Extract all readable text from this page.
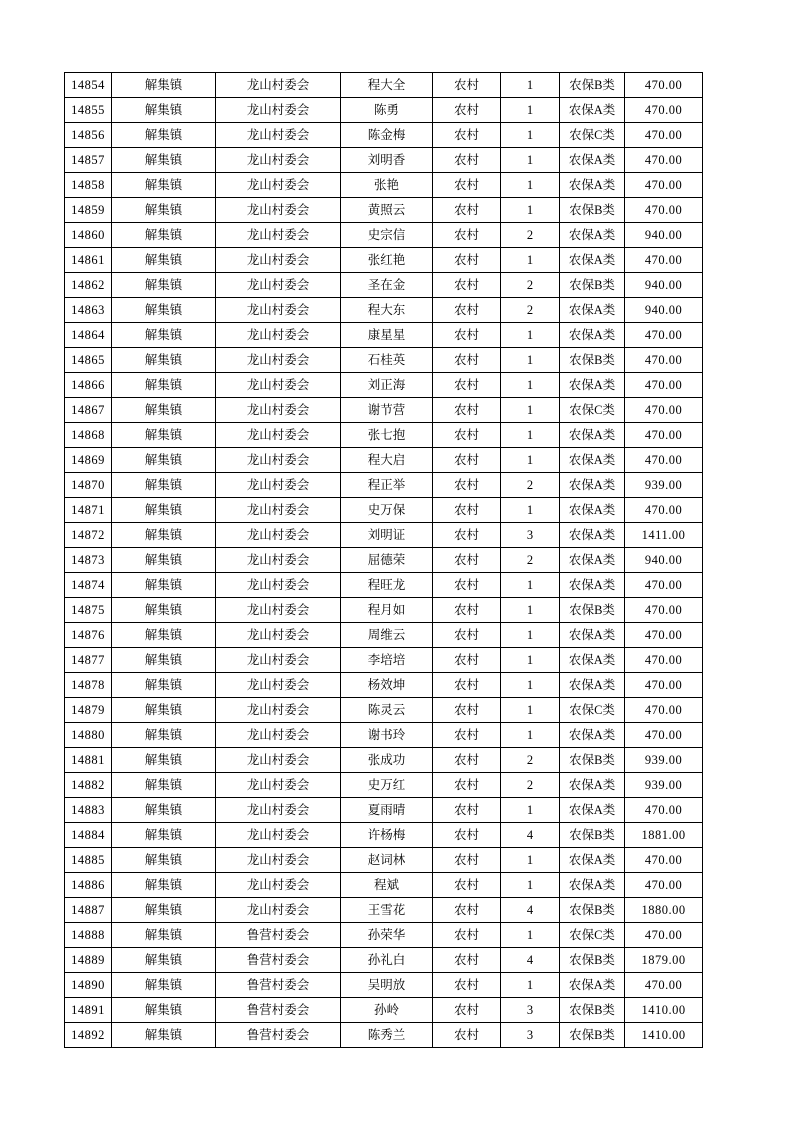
14854	解集镇	龙山村委会	程大全	农村	1	农保B类	470.00
14855	解集镇	龙山村委会	陈勇	农村	1	农保A类	470.00
14856	解集镇	龙山村委会	陈金梅	农村	1	农保C类	470.00
14857	解集镇	龙山村委会	刘明香	农村	1	农保A类	470.00
14858	解集镇	龙山村委会	张艳	农村	1	农保A类	470.00
14859	解集镇	龙山村委会	黄照云	农村	1	农保B类	470.00
14860	解集镇	龙山村委会	史宗信	农村	2	农保A类	940.00
14861	解集镇	龙山村委会	张红艳	农村	1	农保A类	470.00
14862	解集镇	龙山村委会	圣在金	农村	2	农保B类	940.00
14863	解集镇	龙山村委会	程大东	农村	2	农保A类	940.00
14864	解集镇	龙山村委会	康星星	农村	1	农保A类	470.00
14865	解集镇	龙山村委会	石桂英	农村	1	农保B类	470.00
14866	解集镇	龙山村委会	刘正海	农村	1	农保A类	470.00
14867	解集镇	龙山村委会	谢节营	农村	1	农保C类	470.00
14868	解集镇	龙山村委会	张七抱	农村	1	农保A类	470.00
14869	解集镇	龙山村委会	程大启	农村	1	农保A类	470.00
14870	解集镇	龙山村委会	程正举	农村	2	农保A类	939.00
14871	解集镇	龙山村委会	史万保	农村	1	农保A类	470.00
14872	解集镇	龙山村委会	刘明证	农村	3	农保A类	1411.00
14873	解集镇	龙山村委会	屈德荣	农村	2	农保A类	940.00
14874	解集镇	龙山村委会	程旺龙	农村	1	农保A类	470.00
14875	解集镇	龙山村委会	程月如	农村	1	农保B类	470.00
14876	解集镇	龙山村委会	周维云	农村	1	农保A类	470.00
14877	解集镇	龙山村委会	李培培	农村	1	农保A类	470.00
14878	解集镇	龙山村委会	杨效坤	农村	1	农保A类	470.00
14879	解集镇	龙山村委会	陈灵云	农村	1	农保C类	470.00
14880	解集镇	龙山村委会	谢书玲	农村	1	农保A类	470.00
14881	解集镇	龙山村委会	张成功	农村	2	农保B类	939.00
14882	解集镇	龙山村委会	史万红	农村	2	农保A类	939.00
14883	解集镇	龙山村委会	夏雨晴	农村	1	农保A类	470.00
14884	解集镇	龙山村委会	许杨梅	农村	4	农保B类	1881.00
14885	解集镇	龙山村委会	赵词林	农村	1	农保A类	470.00
14886	解集镇	龙山村委会	程斌	农村	1	农保A类	470.00
14887	解集镇	龙山村委会	王雪花	农村	4	农保B类	1880.00
14888	解集镇	鲁营村委会	孙荣华	农村	1	农保C类	470.00
14889	解集镇	鲁营村委会	孙礼白	农村	4	农保B类	1879.00
14890	解集镇	鲁营村委会	吴明放	农村	1	农保A类	470.00
14891	解集镇	鲁营村委会	孙岭	农村	3	农保B类	1410.00
14892	解集镇	鲁营村委会	陈秀兰	农村	3	农保B类	1410.00
